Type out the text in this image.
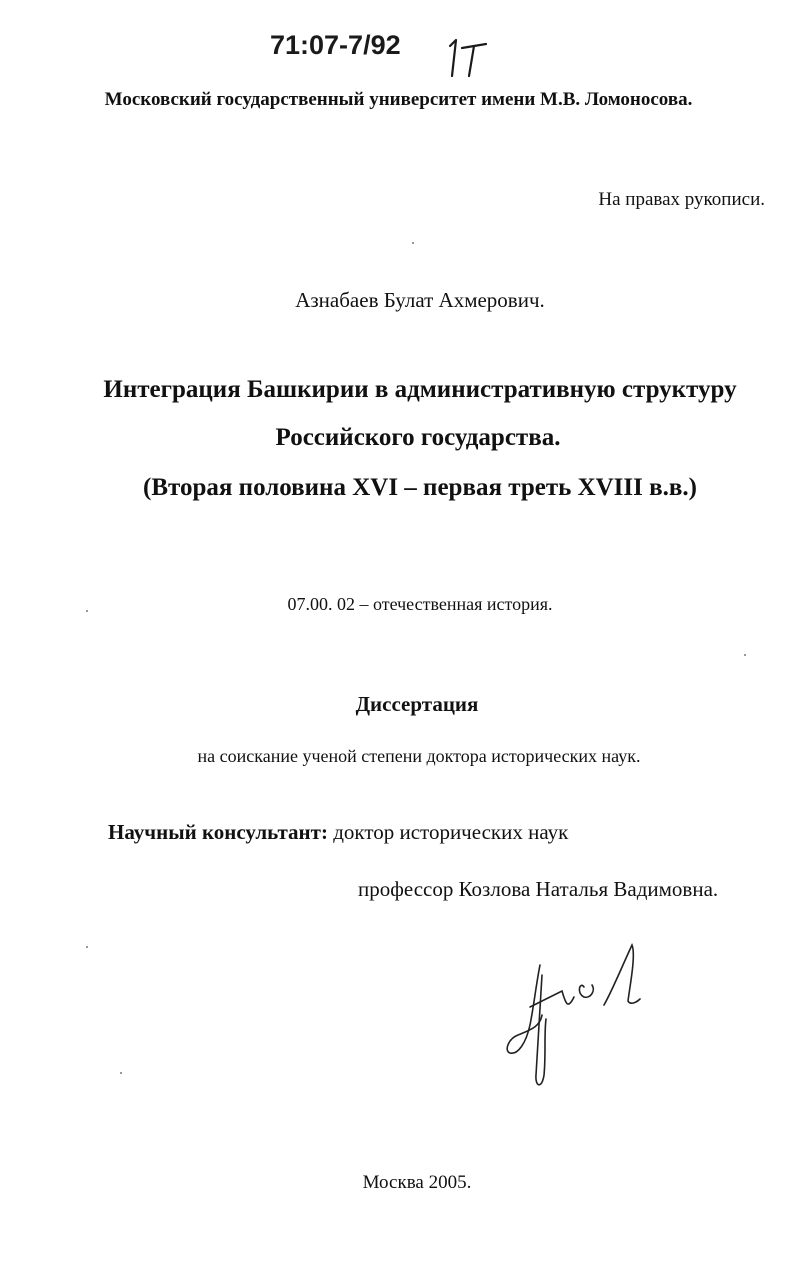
71:07-7/92
Московский государственный университет имени М.В. Ломоносова.
На правах рукописи.
Азнабаев Булат Ахмерович.
Интеграция Башкирии в административную структуру
Российского государства.
(Вторая половина XVI – первая треть XVIII в.в.)
07.00. 02 – отечественная история.
Диссертация
на соискание ученой степени доктора исторических наук.
Научный консультант: доктор исторических наук
профессор Козлова Наталья Вадимовна.
Москва 2005.
